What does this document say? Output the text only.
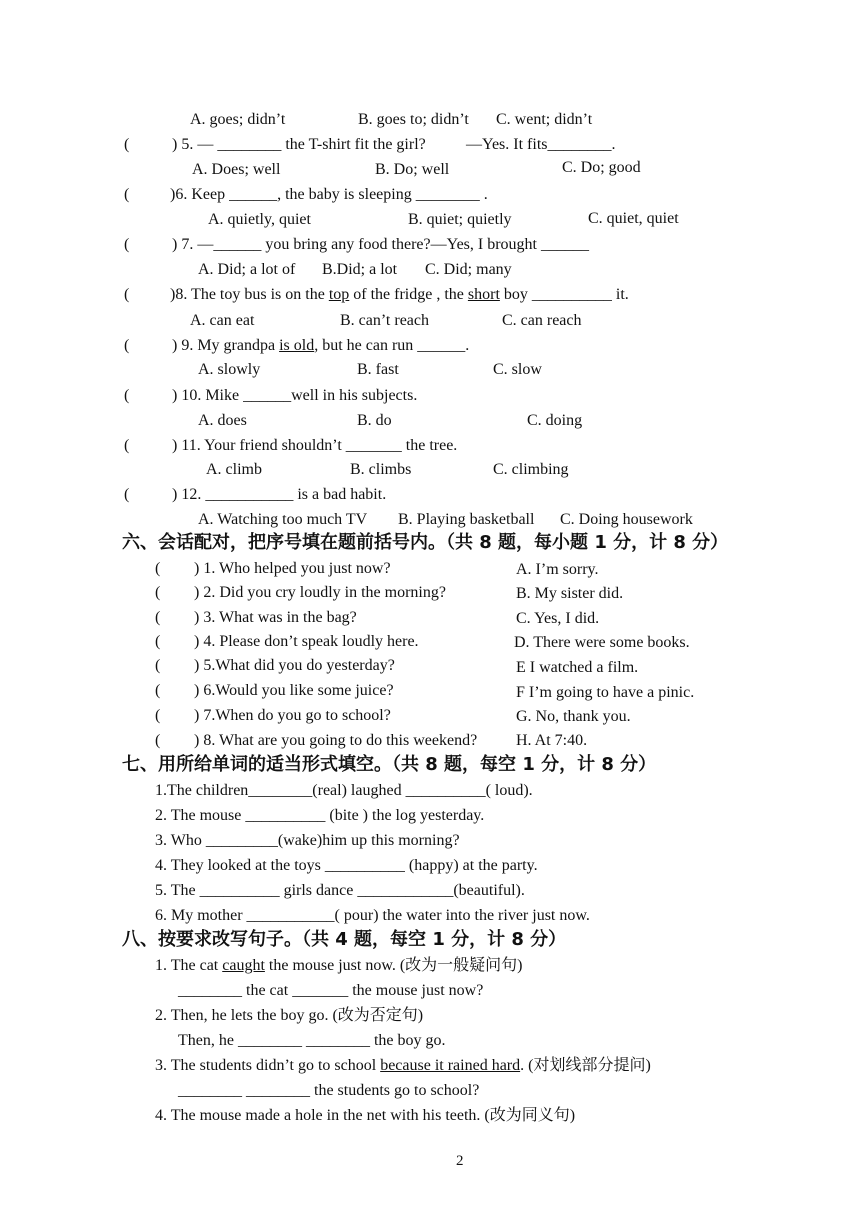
A. goes; didn’t	B. goes to; didn’t C. went; didn’t
(	) 5. — ________ the T-shirt fit the girl?	—Yes. It fits________.
A. Does; well	B. Do; well	C. Do; good
(	)6. Keep ______, the baby is sleeping ________ .
A. quietly, quiet	B. quiet; quietly	C. quiet, quiet
(	) 7. —______ you bring any food there?—Yes, I brought ______
A. Did; a lot of B.Did; a lot C. Did; many
(	)8. The toy bus is on the top of the fridge , the short boy __________ it.
A. can eat	B. can’t reach	C. can reach
(	) 9. My grandpa is old, but he can run ______.
A. slowly	B. fast	C. slow
(	) 10. Mike ______well in his subjects.
A. does	B. do	C. doing
(	) 11. Your friend shouldn’t _______ the tree.
A. climb	B. climbs	C. climbing
(	) 12. ___________ is a bad habit.
A. Watching too much TV B. Playing basketball C. Doing housework
六、会话配对，把序号填在题前括号内。（共 8 题，每小题 1 分，计 8 分）
( ) 1. Who helped you just now?	A. I’m sorry.
( ) 2. Did you cry loudly in the morning?	B. My sister did.
( ) 3. What was in the bag?	C. Yes, I did.
( ) 4. Please don’t speak loudly here.	D. There were some books.
( ) 5.What did you do yesterday?	E I watched a film.
( ) 6.Would you like some juice?	F I’m going to have a pinic.
( ) 7.When do you go to school?	G. No, thank you.
( ) 8. What are you going to do this weekend? H. At 7:40.
七、用所给单词的适当形式填空。（共 8 题，每空 1 分，计 8 分）
1.The children________(real) laughed __________( loud).
2. The mouse __________ (bite ) the log yesterday.
3. Who _________(wake)him up this morning?
4. They looked at the toys __________ (happy) at the party.
5. The __________ girls dance ____________(beautiful).
6. My mother ___________( pour) the water into the river just now.
八、按要求改写句子。（共 4 题，每空 1 分，计 8 分）
1. The cat caught the mouse just now. (改为一般疑问句)
________ the cat _______ the mouse just now?
2. Then, he lets the boy go. (改为否定句)
Then, he ________ ________ the boy go.
3. The students didn’t go to school because it rained hard. (对划线部分提问)
________ ________ the students go to school?
4. The mouse made a hole in the net with his teeth. (改为同义句)
2
